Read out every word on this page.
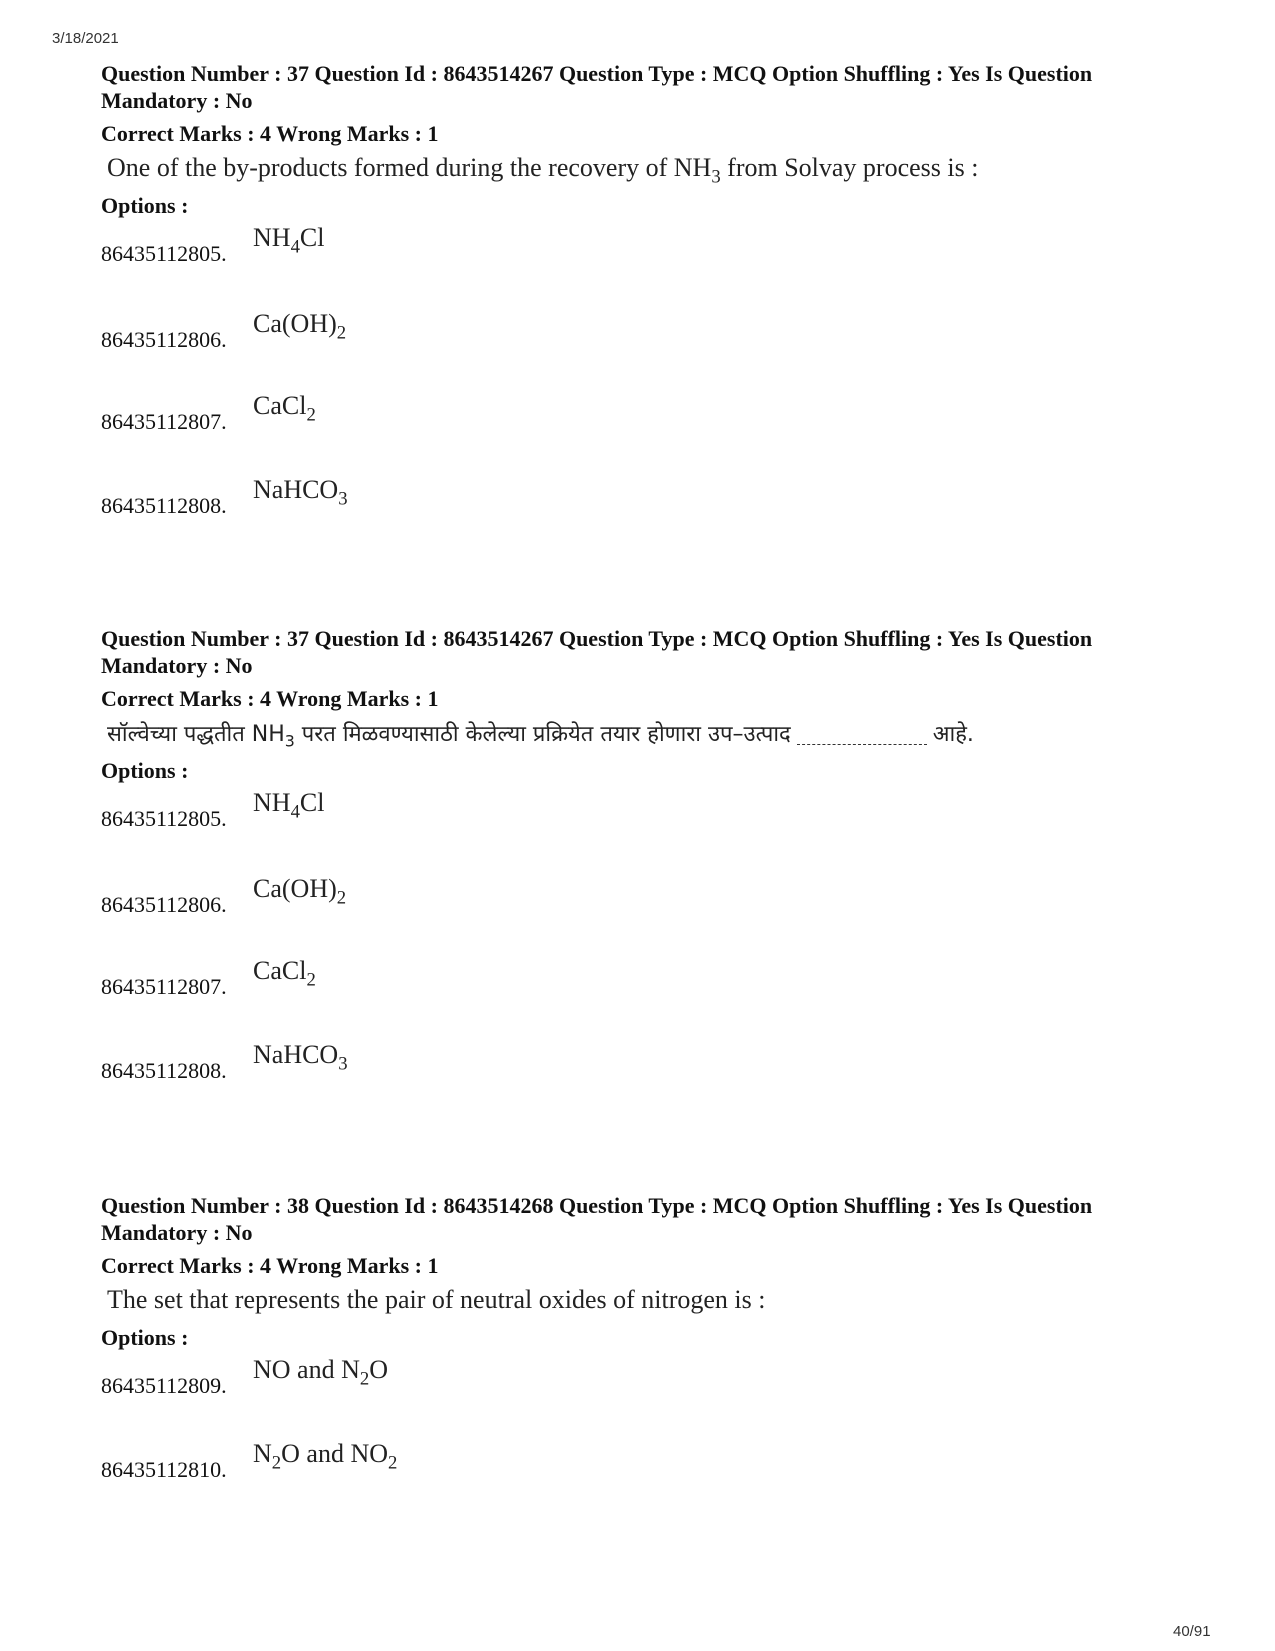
3/18/2021
Question Number : 37 Question Id : 8643514267 Question Type : MCQ Option Shuffling : Yes Is Question Mandatory : No
Correct Marks : 4 Wrong Marks : 1
One of the by-products formed during the recovery of $NH_3$ from Solvay process is :
Options :
86435112805.
$NH_4Cl$
86435112806.
$Ca(OH)_2$
86435112807.
CaCl$_2$
86435112808.
NaHCO$_3$
Question Number : 37 Question Id : 8643514267 Question Type : MCQ Option Shuffling : Yes Is Question Mandatory : No
Correct Marks : 4 Wrong Marks : 1
सॉल्वेच्या पद्धतीत $NH_3$ परत मिळवण्यासाठी केलेल्या प्रक्रियेत तयार होणारा उप–उत्पाद	आहे.
Options :
86435112805.
$NH_4Cl$
86435112806.
$Ca(OH)_2$
86435112807.
CaCl$_2$
86435112808.
NaHCO$_3$
Question Number : 38 Question Id : 8643514268 Question Type : MCQ Option Shuffling : Yes Is Question Mandatory : No
Correct Marks : 4 Wrong Marks : 1
The set that represents the pair of neutral oxides of nitrogen is :
Options :
86435112809.
NO and $N_2O$
86435112810.
$N_2O$ and $NO_2$
40/91
